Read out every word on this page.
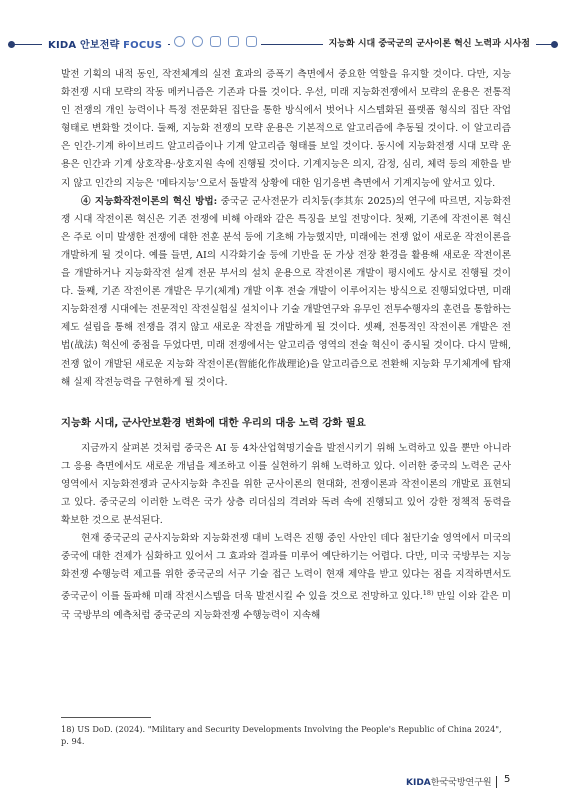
KIDA 안보전략 FOCUS	지능화 시대 중국군의 군사이론 혁신 노력과 시사점

발전 기획의 내적 동인, 작전체계의 실전 효과의 증폭기 측면에서 중요한 역할을 유지할 것이다. 다만, 지능화전쟁 시대 모략의 작동 메커니즘은 기존과 다를 것이다. 우선, 미래 지능화전쟁에서 모략의 운용은 전통적인 전쟁의 개인 능력이나 특정 전문화된 집단을 통한 방식에서 벗어나 시스템화된 플랫폼 형식의 집단 작업 형태로 변화할 것이다. 둘째, 지능화 전쟁의 모략 운용은 기본적으로 알고리즘에 추동될 것이다. 이 알고리즘은 인간-기계 하이브리드 알고리즘이나 기계 알고리즘 형태를 보일 것이다. 동시에 지능화전쟁 시대 모략 운용은 인간과 기계 상호작용·상호지원 속에 진행될 것이다. 기계지능은 의지, 감정, 심리, 체력 등의 제한을 받지 않고 인간의 지능은 '메타지능'으로서 돌발적 상황에 대한 임기응변 측면에서 기계지능에 앞서고 있다.

④ 지능화작전이론의 혁신 방법: 중국군 군사전문가 리치둥(李其东 2025)의 연구에 따르면, 지능화전쟁 시대 작전이론 혁신은 기존 전쟁에 비해 아래와 같은 특징을 보일 전망이다. 첫째, 기존에 작전이론 혁신은 주로 이미 발생한 전쟁에 대한 전훈 분석 등에 기초해 가능했지만, 미래에는 전쟁 없이 새로운 작전이론을 개발하게 될 것이다. 예를 들면, AI의 시각화기술 등에 기반을 둔 가상 전장 환경을 활용해 새로운 작전이론을 개발하거나 지능화작전 설계 전문 부서의 설치 운용으로 작전이론 개발이 평시에도 상시로 진행될 것이다. 둘째, 기존 작전이론 개발은 무기(체계) 개발 이후 전술 개발이 이루어지는 방식으로 진행되었다면, 미래 지능화전쟁 시대에는 전문적인 작전실험실 설치이나 기술 개발연구와 유무인 전투수행자의 훈련을 통합하는 제도 설립을 통해 전쟁을 겪지 않고 새로운 작전을 개발하게 될 것이다. 셋째, 전통적인 작전이론 개발은 전법(战法) 혁신에 중점을 두었다면, 미래 전쟁에서는 알고리즘 영역의 전술 혁신이 중시될 것이다. 다시 말해, 전쟁 없이 개발된 새로운 지능화 작전이론(智能化作战理论)을 알고리즘으로 전환해 지능화 무기체계에 탑재해 실제 작전능력을 구현하게 될 것이다.

지능화 시대, 군사안보환경 변화에 대한 우리의 대응 노력 강화 필요

지금까지 살펴본 것처럼 중국은 AI 등 4차산업혁명기술을 발전시키기 위해 노력하고 있을 뿐만 아니라 그 응용 측면에서도 새로운 개념을 제조하고 이를 실현하기 위해 노력하고 있다. 이러한 중국의 노력은 군사 영역에서 지능화전쟁과 군사지능화 추진을 위한 군사이론의 현대화, 전쟁이론과 작전이론의 개발로 표현되고 있다. 중국군의 이러한 노력은 국가 상층 리더십의 격려와 독려 속에 진행되고 있어 강한 정책적 동력을 확보한 것으로 분석된다.

현재 중국군의 군사지능화와 지능화전쟁 대비 노력은 진행 중인 사안인 데다 첨단기술 영역에서 미국의 중국에 대한 견제가 심화하고 있어서 그 효과와 결과를 미루어 예단하기는 어렵다. 다만, 미국 국방부는 지능화전쟁 수행능력 제고를 위한 중국군의 서구 기술 접근 노력이 현재 제약을 받고 있다는 점을 지적하면서도 중국군이 이를 돌파해 미래 작전시스템을 더욱 발전시킬 수 있을 것으로 전망하고 있다.$^{18)}$ 만일 이와 같은 미국 국방부의 예측처럼 중국군의 지능화전쟁 수행능력이 지속해

18) US DoD. (2024). "Military and Security Developments Involving the People's Republic of China 2024", p. 94.
KIDA한국국방연구원 5
